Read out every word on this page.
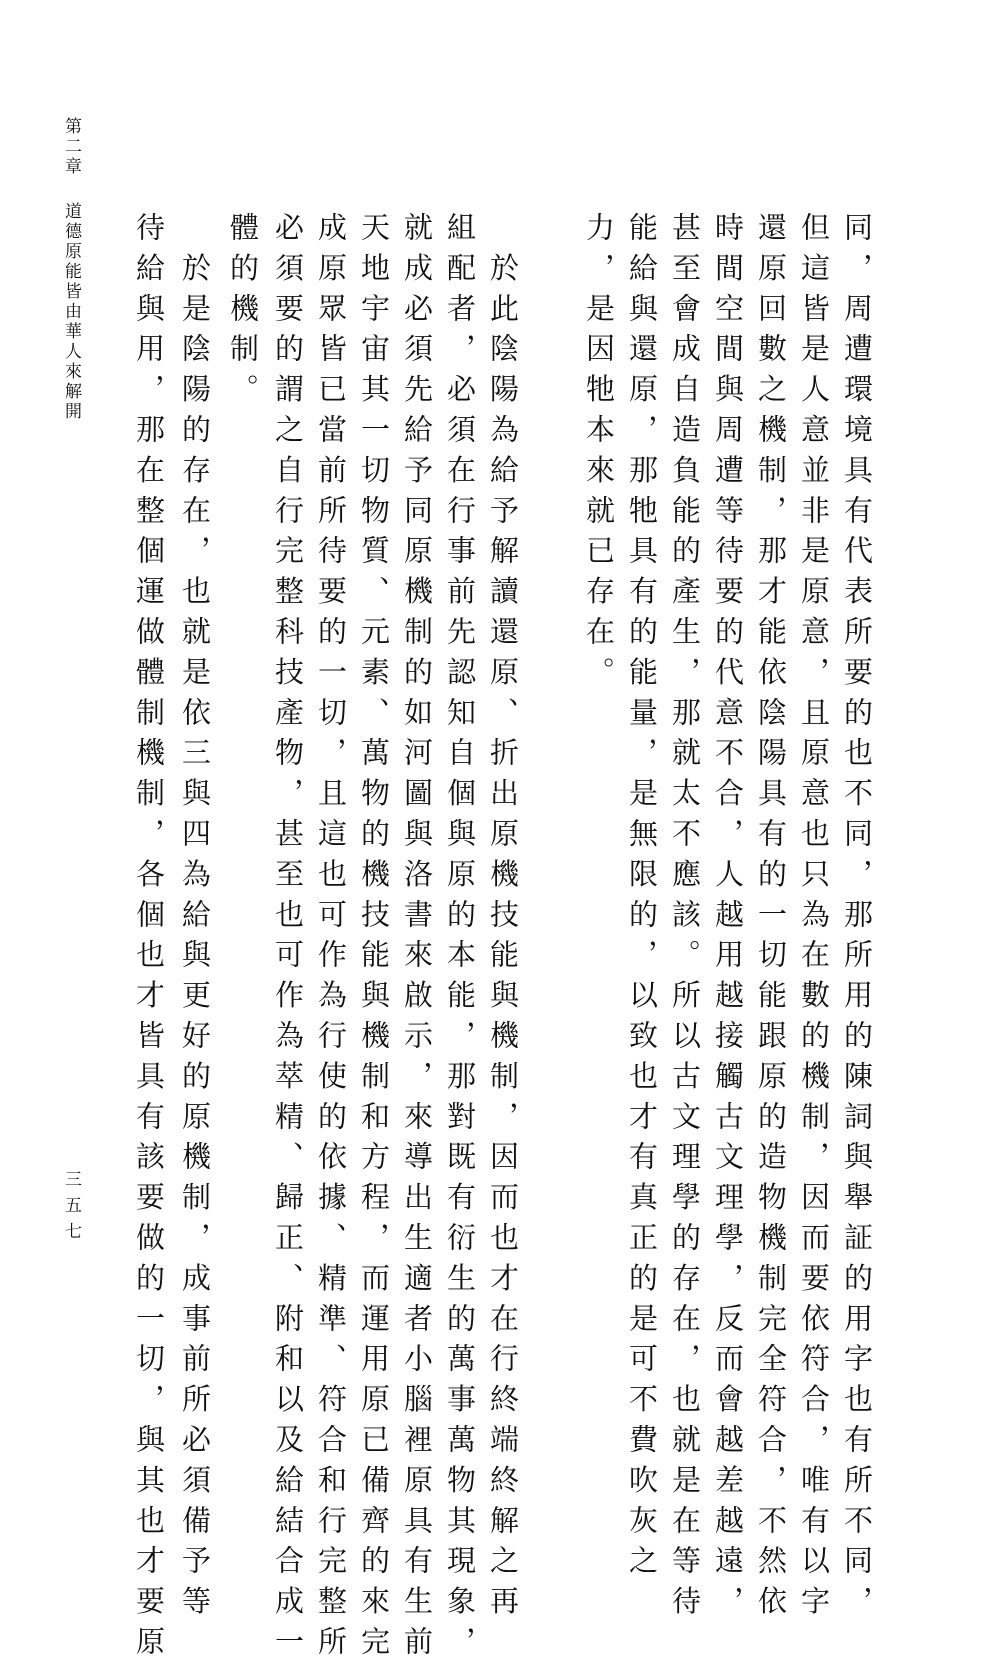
第二章
道德原能皆由華人來解開
三五七	同，周遭環境具有代表所要的也不同，那所用的陳詞與舉証的用字也有所不同，
但這皆是人意並非是原意，且原意也只為在數的機制，因而要依符合，唯有以字
還原回數之機制，那才能依陰陽具有的一切能跟原的造物機制完全符合，不然依
時間空間與周遭等待要的代意不合，人越用越接觸古文理學，反而會越差越遠，
甚至會成自造負能的產生，那就太不應該。所以古文理學的存在，也就是在等待
能給與還原，那牠具有的能量，是無限的，以致也才有真正的是可不費吹灰之
力，是因牠本來就已存在。
　於此陰陽為給予解讀還原、折出原機技能與機制，因而也才在行終端終解之再
組配者，必須在行事前先認知自個與原的本能，那對既有衍生的萬事萬物其現象，
就成必須先給予同原機制的如河圖與洛書來啟示，來導出生適者小腦裡原具有生前
天地宇宙其一切物質、元素、萬物的機技能與機制和方程，而運用原已備齊的來完
成原眾皆已當前所待要的一切，且這也可作為行使的依據、精準、符合和行完整所
必須要的謂之自行完整科技產物，甚至也可作為萃精、歸正、附和以及給結合成一
體的機制。
　於是陰陽的存在，也就是依三與四為給與更好的原機制，成事前所必須備予等
待給與用，那在整個運做體制機制，各個也才皆具有該要做的一切，與其也才要原
